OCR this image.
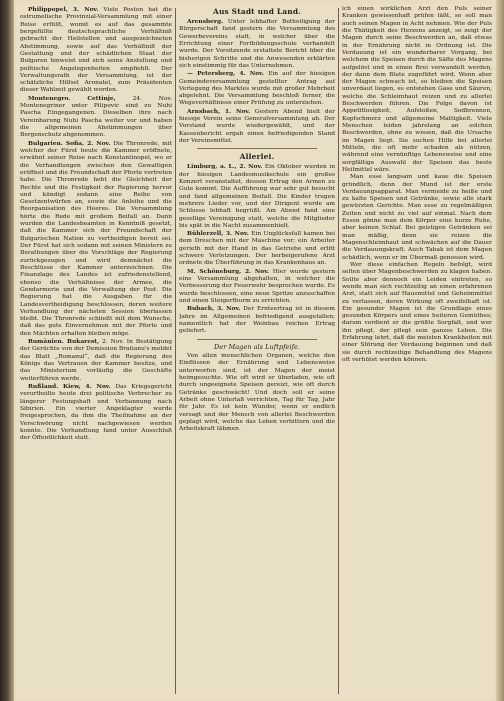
Philippopel, 3. Nov. Viele Posten hat die ostrumelische Provinzial-Versammlung mit einer Reise erfüllt, womit es auf das gesammte bergefüllte deutschsprachliche Verhältniß gebracht der Heilstellen und ausgezeichneten Abstimmung, sowie auf das Verhältniß der Gestattung und der schädlichen Staat der Bulgaren hinweist und sich seine Anstellung und politische Angelegenheiten empfiehlt. Der Verwaltungsrath der Versammlung, ist der schätzliche Hilfsel Aronatel, zum Präsidenten dieser Wahlzeit gewählt worden.

Montenegro. Cettinje,	24. Nov. Montenegriner unter Pilipovic sind zu Nuhi Pascha Eingegangenen. Dieselben ihre nach Vereinbarung Nuhi Pascha weiter vor und haben die allgemeinen Abstimmungen über Bergenschutz abgenommen.

Bulgarien. Sofia, 2. Nov. Die Thronrede, mit welcher der Fürst heute die Kammer eröffnete, erwähnt seiner Reise nach Konstantinopel, wo er die Verhandlungen zwischen den Gewaltigen eröffnet und die Freundschaft der Pforte vertreten habe. Die Thronrede hebt die Gleichheit der Rechte und die Festigkeit der Regierung hervor und kündigt sodann eine Reihe von Gesetzentwürfen an, sowie die Anleihe und die Reorganisation des Heeres. Die Versammlung hörte die Rede mit großem Beifall an. Dann wurden die Landesbeamten in Kenntniß gesetzt, daß die Kammer sich der Freundschaft der Bulgarischen Nation zu vertheidigen bereit sei. Der Fürst hat sich sodann mit seinen Ministern zu Berathungen über die Vorschläge der Regierung zurückgezogen und wird demnächst die Beschlüsse der Kammer unterzeichnen. Die Finanzlage des Landes ist zufriedenstellend, ebenso die Verhältnisse der Armee, die Gendarmerie und die Verwaltung der Post. Die Regierung hat die Ausgaben für die Landesvertheidigung beschlossen, deren weitere Verhandlung der nächsten Session überlassen bleibt. Die Thronrede schließt mit dem Wunsche, daß das gute Einvernehmen mit der Pforte und den Mächten erhalten bleiben möge.

Rumänien. Bukarest, 2. Nov. In Bestätigung der Gerüchte von der Demission Bratianu's meldet das Blatt „Romanul“, daß die Regierung des Königs das Vertrauen der Kammer besitze, und das Ministerium vorläufig die Geschäfte weiterführen werde.

Rußland. Kiew, 4. Nov. Das Kriegsgericht verurtheilte heute drei politische Verbrecher zu längerer Festungshaft und Verbannung nach Sibirien. Ein vierter Angeklagter wurde freigesprochen, da ihm die Theilnahme an der Verschwörung nicht nachgewiesen werden konnte. Die Verhandlung fand unter Ausschluß der Öffentlichkeit statt.

Aus Stadt und Land.

Arensberg. Unter lebhafter Betheiligung der Bürgerschaft fand gestern die Versammlung des Gewerbevereins statt, in welcher über die Errichtung einer Fortbildungsschule verhandelt wurde. Der Vorsitzende erstattete Bericht über die bisherigen Schritte und die Anwesenden erklärten sich einstimmig für das Unternehmen.

— Petersberg, 4. Nov. Ein auf der hiesigen Gemeindeversammlung gestellter Antrag auf Verlegung des Marktes wurde mit großer Mehrheit abgelehnt. Die Versammlung beschloß ferner, die Wegeverhältnisse einer Prüfung zu unterziehen.

Arnsbach, 1. Nov. Gestern Abend hielt der hiesige Verein seine Generalversammlung ab. Der Vorstand wurde wiedergewählt, und der Kassenbericht ergab einen befriedigenden Stand der Vereinsmittel.

Allerlei.

Limburg, a. L., 2. Nov. Ein Oktober wurden in der hiesigen Landesmusikschule ein großes Konzert veranstaltet, dessen Ertrag den Armen zu Gute kommt. Die Aufführung war sehr gut besucht und fand allgemeinen Beifall. Die Kinder trugen mehrere Lieder vor, und der Dirigent wurde am Schlusse lebhaft begrüßt. Am Abend fand eine gesellige Vereinigung statt, welche die Mitglieder bis spät in die Nacht zusammenhielt.

Bühlerzell, 3. Nov. Ein Unglücksfall kamen bei dem Dreschen mit der Maschine vor; ein Arbeiter gerieth mit der Hand in das Getriebe und erlitt schwere Verletzungen. Der herbeigerufene Arzt ordnete die Überführung in das Krankenhaus an.

M. Schöneburg, 2. Nov. Hier wurde gestern eine Versammlung abgehalten, in welcher die Verbesserung der Feuerwehr besprochen wurde. Es wurde beschlossen, eine neue Spritze anzuschaffen und einen Steigerthurm zu errichten.

Bubach, 3. Nov. Der Ernteertrag ist in diesem Jahre im Allgemeinen befriedigend ausgefallen; namentlich hat der Weinbau reichen Ertrag geliefert.

Der Magen als Luftpfeife.

Von allen menschlichen Organen, welche den Einflüssen der Ernährung und Lebensweise unterworfen sind, ist der Magen der meist heimgesuchte. Wie oft wird er überladen, wie oft durch ungeeignete Speisen gereizt, wie oft durch Getränke geschwächt! Und doch soll er seine Arbeit ohne Unterlaß verrichten, Tag für Tag, Jahr für Jahr. Es ist kein Wunder, wenn er endlich versagt und der Mensch von allerlei Beschwerden geplagt wird, welche das Leben verbittern und die Arbeitskraft lähmen.

ich einen wirklichen Arzt den Puls seiner Kranken gewissenhaft prüfen läßt, so soll man auch seinen Magen in Acht nehmen. Wie der Puls die Thätigkeit des Herzens anzeigt, so zeigt der Magen durch seine Beschwerden an, daß etwas in der Ernährung nicht in Ordnung ist. Die Verdauung ist ein wunderbarer Vorgang, bei welchem die Speisen durch die Säfte des Magens aufgelöst und in einen Brei verwandelt werden, der dann dem Blute zugeführt wird. Wenn aber der Magen schwach ist, so bleiben die Speisen unverdaut liegen, es entstehen Gase und Säuren, welche die Schleimhaut reizen und zu allerlei Beschwerden führen. Die Folge davon ist Appetitlosigkeit, Aufstoßen, Sodbrennen, Kopfschmerz und allgemeine Mattigkeit. Viele Menschen leiden jahrelang an solchen Beschwerden, ohne zu wissen, daß die Ursache im Magen liegt. Sie suchen Hilfe bei allerlei Mitteln, die oft mehr schaden als nützen, während eine vernünftige Lebensweise und eine sorgfältige Auswahl der Speisen das beste Heilmittel wäre.

Man esse langsam und kaue die Speisen gründlich, denn der Mund ist der erste Verdauungsapparat. Man vermeide zu heiße und zu kalte Speisen und Getränke, sowie alle stark gewürzten Gerichte. Man esse zu regelmäßigen Zeiten und nicht zu viel auf einmal. Nach dem Essen gönne man dem Körper eine kurze Ruhe, aber keinen Schlaf. Bei geistigen Getränken sei man mäßig, denn sie reizen die Magenschleimhaut und schwächen auf die Dauer die Verdauungskraft. Auch Tabak ist dem Magen schädlich, wenn er im Übermaß genossen wird.

Wer diese einfachen Regeln befolgt, wird selten über Magenbeschwerden zu klagen haben. Sollte aber dennoch ein Leiden eintreten, so wende man sich rechtzeitig an einen erfahrenen Arzt, statt sich auf Hausmittel und Geheimmittel zu verlassen, deren Wirkung oft zweifelhaft ist. Ein gesunder Magen ist die Grundlage eines gesunden Körpers und eines heiteren Gemüthes; darum verdient er die größte Sorgfalt, und wer ihn pflegt, der pflegt sein ganzes Leben. Die Erfahrung lehrt, daß die meisten Krankheiten mit einer Störung der Verdauung beginnen und daß sie durch rechtzeitige Behandlung des Magens oft verhütet werden können.
